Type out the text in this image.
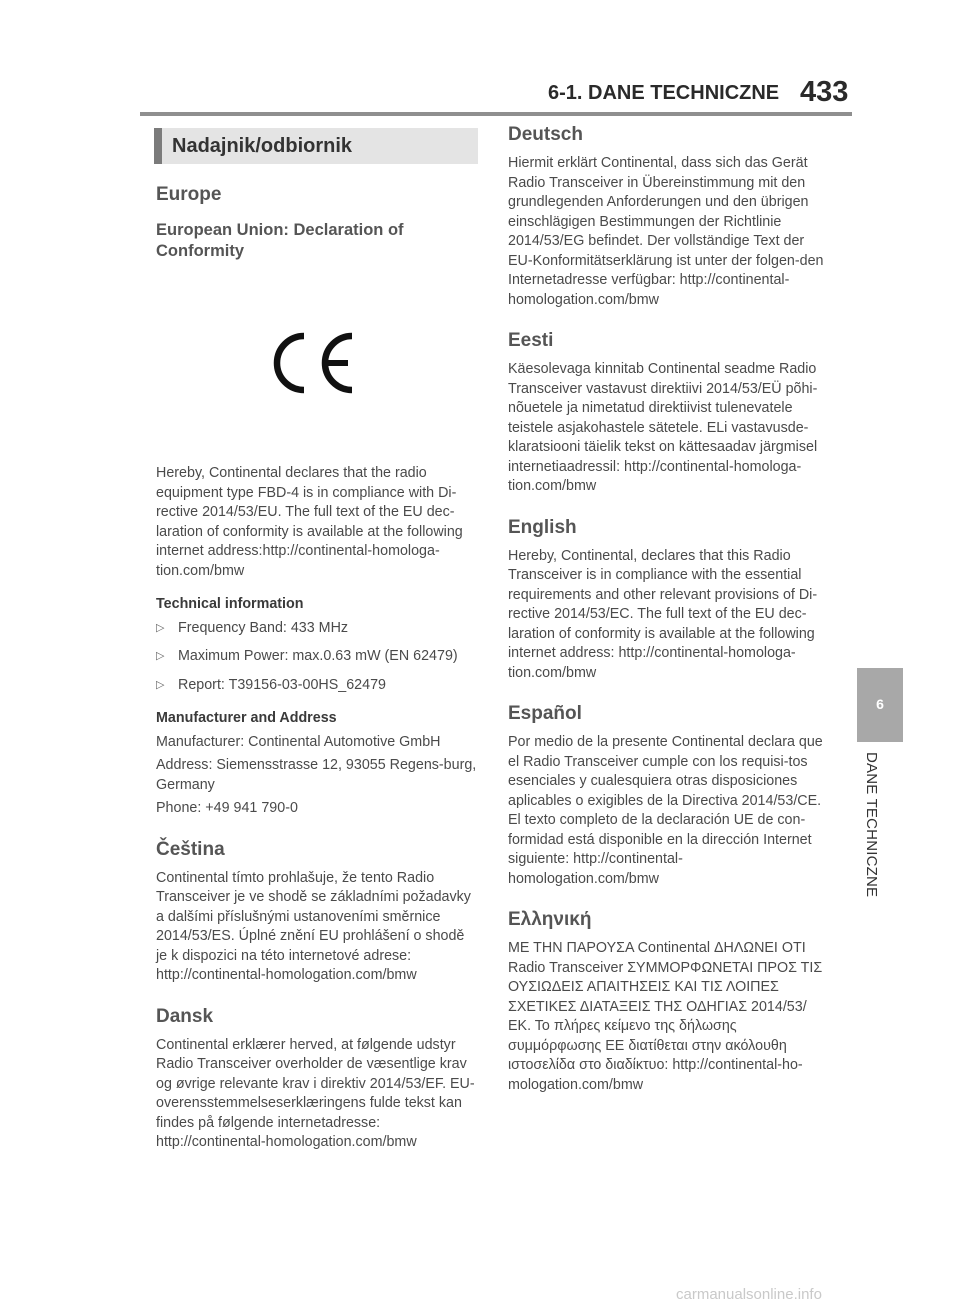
6-1. DANE TECHNICZNE 433
Nadajnik/odbiornik
Europe
European Union: Declaration of Conformity

Hereby, Continental declares that the radio equipment type FBD-4 is in compliance with Di-rective 2014/53/EU. The full text of the EU dec-laration of conformity is available at the following internet address:http://continental-homologa-tion.com/bmw

Technical information
▷ Frequency Band: 433 MHz
▷ Maximum Power: max.0.63 mW (EN 62479)
▷ Report: T39156-03-00HS_62479
Manufacturer and Address

Manufacturer: Continental Automotive GmbH

Address: Siemensstrasse 12, 93055 Regens-burg, Germany

Phone: +49 941 790-0

Čeština

Continental tímto prohlašuje, že tento Radio Transceiver je ve shodě se základními požadavky a dalšími příslušnými ustanoveními směrnice 2014/53/ES. Úplné znění EU prohlášení o shodě je k dispozici na této internetové adrese: http://continental-homologation.com/bmw

Dansk

Continental erklærer herved, at følgende udstyr Radio Transceiver overholder de væsentlige krav og øvrige relevante krav i direktiv 2014/53/EF. EU-overensstemmelseserklæringens fulde tekst kan findes på følgende internetadresse: http://continental-homologation.com/bmw

Deutsch

Hiermit erklärt Continental, dass sich das Gerät Radio Transceiver in Übereinstimmung mit den grundlegenden Anforderungen und den übrigen einschlägigen Bestimmungen der Richtlinie 2014/53/EG befindet. Der vollständige Text der EU-Konformitätserklärung ist unter der folgen-den Internetadresse verfügbar: http://continental-homologation.com/bmw

Eesti

Käesolevaga kinnitab Continental seadme Radio Transceiver vastavust direktiivi 2014/53/EÜ põhi-nõuetele ja nimetatud direktiivist tulenevatele teistele asjakohastele sätetele. ELi vastavusde-klaratsiooni täielik tekst on kättesaadav järgmisel internetiaadressil: http://continental-homologa-tion.com/bmw

English

Hereby, Continental, declares that this Radio Transceiver is in compliance with the essential requirements and other relevant provisions of Di-rective 2014/53/EC. The full text of the EU dec-laration of conformity is available at the following internet address: http://continental-homologa-tion.com/bmw

Español

Por medio de la presente Continental declara que el Radio Transceiver cumple con los requisi-tos esenciales y cualesquiera otras disposiciones aplicables o exigibles de la Directiva 2014/53/CE. El texto completo de la declaración UE de con-formidad está disponible en la dirección Internet siguiente: http://continental-homologation.com/bmw

Ελληνική

ΜΕ ΤΗΝ ΠΑΡΟΥΣΑ Continental ΔΗΛΩΝΕΙ ΟΤΙ Radio Transceiver ΣΥΜΜΟΡΦΩΝΕΤΑΙ ΠΡΟΣ ΤΙΣ ΟΥΣΙΩΔΕΙΣ ΑΠΑΙΤΗΣΕΙΣ ΚΑΙ ΤΙΣ ΛΟΙΠΕΣ ΣΧΕΤΙΚΕΣ ΔΙΑΤΑΞΕΙΣ ΤΗΣ ΟΔΗΓΙΑΣ 2014/53/ΕΚ. Το πλήρες κείμενο της δήλωσης συμμόρφωσης ΕΕ διατίθεται στην ακόλουθη ιστοσελίδα στο διαδίκτυο: http://continental-ho-mologation.com/bmw

6
DANE TECHNICZNE
carmanualsonline.info
